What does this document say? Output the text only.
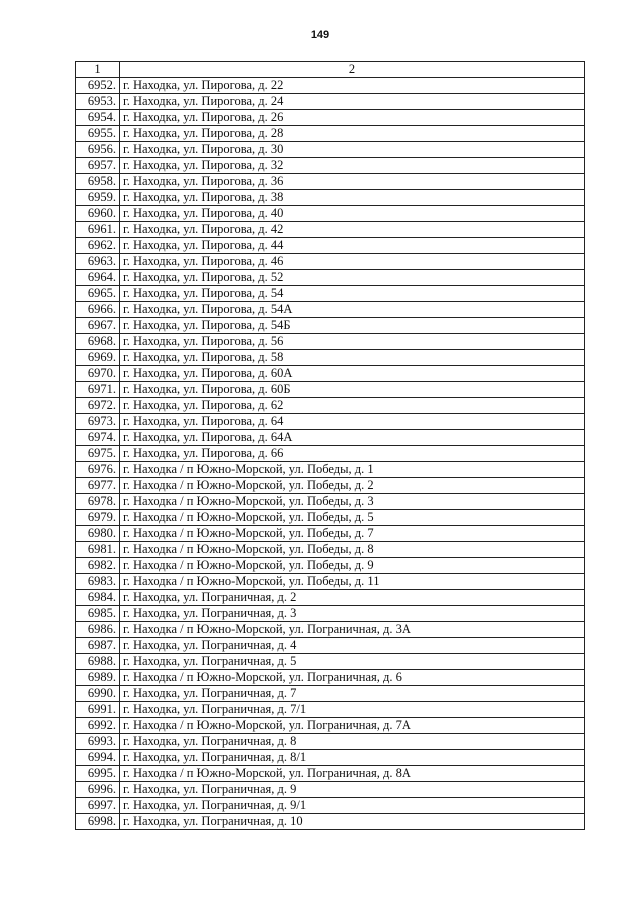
149
1	2
6952.	г. Находка, ул. Пирогова, д. 22
6953.	г. Находка, ул. Пирогова, д. 24
6954.	г. Находка, ул. Пирогова, д. 26
6955.	г. Находка, ул. Пирогова, д. 28
6956.	г. Находка, ул. Пирогова, д. 30
6957.	г. Находка, ул. Пирогова, д. 32
6958.	г. Находка, ул. Пирогова, д. 36
6959.	г. Находка, ул. Пирогова, д. 38
6960.	г. Находка, ул. Пирогова, д. 40
6961.	г. Находка, ул. Пирогова, д. 42
6962.	г. Находка, ул. Пирогова, д. 44
6963.	г. Находка, ул. Пирогова, д. 46
6964.	г. Находка, ул. Пирогова, д. 52
6965.	г. Находка, ул. Пирогова, д. 54
6966.	г. Находка, ул. Пирогова, д. 54А
6967.	г. Находка, ул. Пирогова, д. 54Б
6968.	г. Находка, ул. Пирогова, д. 56
6969.	г. Находка, ул. Пирогова, д. 58
6970.	г. Находка, ул. Пирогова, д. 60А
6971.	г. Находка, ул. Пирогова, д. 60Б
6972.	г. Находка, ул. Пирогова, д. 62
6973.	г. Находка, ул. Пирогова, д. 64
6974.	г. Находка, ул. Пирогова, д. 64А
6975.	г. Находка, ул. Пирогова, д. 66
6976.	г. Находка / п Южно-Морской, ул. Победы, д. 1
6977.	г. Находка / п Южно-Морской, ул. Победы, д. 2
6978.	г. Находка / п Южно-Морской, ул. Победы, д. 3
6979.	г. Находка / п Южно-Морской, ул. Победы, д. 5
6980.	г. Находка / п Южно-Морской, ул. Победы, д. 7
6981.	г. Находка / п Южно-Морской, ул. Победы, д. 8
6982.	г. Находка / п Южно-Морской, ул. Победы, д. 9
6983.	г. Находка / п Южно-Морской, ул. Победы, д. 11
6984.	г. Находка, ул. Пограничная, д. 2
6985.	г. Находка, ул. Пограничная, д. 3
6986.	г. Находка / п Южно-Морской, ул. Пограничная, д. 3А
6987.	г. Находка, ул. Пограничная, д. 4
6988.	г. Находка, ул. Пограничная, д. 5
6989.	г. Находка / п Южно-Морской, ул. Пограничная, д. 6
6990.	г. Находка, ул. Пограничная, д. 7
6991.	г. Находка, ул. Пограничная, д. 7/1
6992.	г. Находка / п Южно-Морской, ул. Пограничная, д. 7А
6993.	г. Находка, ул. Пограничная, д. 8
6994.	г. Находка, ул. Пограничная, д. 8/1
6995.	г. Находка / п Южно-Морской, ул. Пограничная, д. 8А
6996.	г. Находка, ул. Пограничная, д. 9
6997.	г. Находка, ул. Пограничная, д. 9/1
6998.	г. Находка, ул. Пограничная, д. 10
